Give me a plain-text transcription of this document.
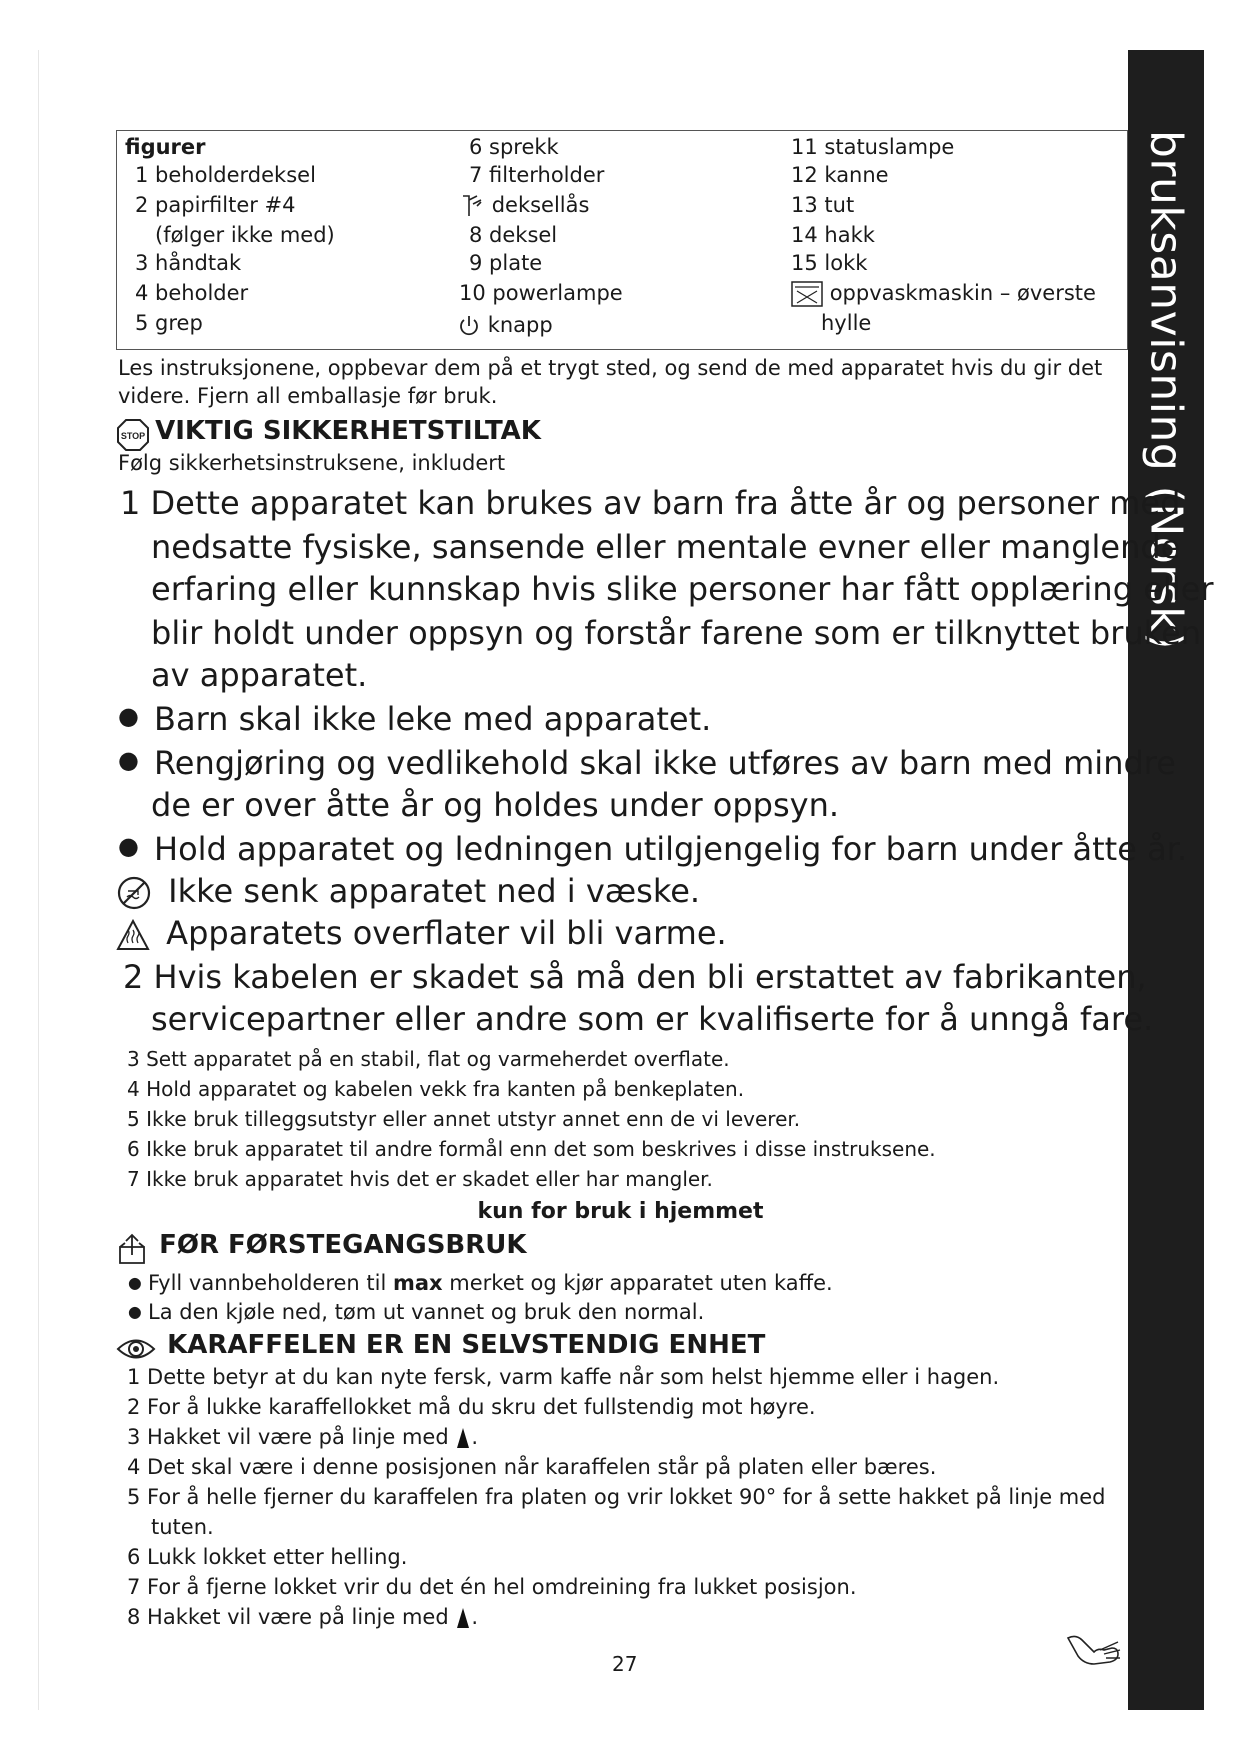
bruksanvisning (Norsk)
figurer
1 beholderdeksel
2 papirfilter #4
(følger ikke med)
3 håndtak
4 beholder
5 grep
6 sprekk
7 filterholder
deksellås
8 deksel
9 plate
10 powerlampe
knapp
11 statuslampe
12 kanne
13 tut
14 hakk
15 lokk
oppvaskmaskin – øverste
hylle
Les instruksjonene, oppbevar dem på et trygt sted, og send de med apparatet hvis du gir det
videre. Fjern all emballasje før bruk.
STOP VIKTIG SIKKERHETSTILTAK
Følg sikkerhetsinstruksene, inkludert
1 Dette apparatet kan brukes av barn fra åtte år og personer med
nedsatte fysiske, sansende eller mentale evner eller manglende
erfaring eller kunnskap hvis slike personer har fått opplæring eller
blir holdt under oppsyn og forstår farene som er tilknyttet bruken
av apparatet.
● Barn skal ikke leke med apparatet.
● Rengjøring og vedlikehold skal ikke utføres av barn med mindre
de er over åtte år og holdes under oppsyn.
● Hold apparatet og ledningen utilgjengelig for barn under åtte år.
Ikke senk apparatet ned i væske.
Apparatets overflater vil bli varme.
2 Hvis kabelen er skadet så må den bli erstattet av fabrikanten,
servicepartner eller andre som er kvalifiserte for å unngå fare.
3 Sett apparatet på en stabil, flat og varmeherdet overflate.
4 Hold apparatet og kabelen vekk fra kanten på benkeplaten.
5 Ikke bruk tilleggsutstyr eller annet utstyr annet enn de vi leverer.
6 Ikke bruk apparatet til andre formål enn det som beskrives i disse instruksene.
7 Ikke bruk apparatet hvis det er skadet eller har mangler.
kun for bruk i hjemmet
FØR FØRSTEGANGSBRUK
● Fyll vannbeholderen til max merket og kjør apparatet uten kaffe.
● La den kjøle ned, tøm ut vannet og bruk den normal.
KARAFFELEN ER EN SELVSTENDIG ENHET
1 Dette betyr at du kan nyte fersk, varm kaffe når som helst hjemme eller i hagen.
2 For å lukke karaffellokket må du skru det fullstendig mot høyre.
3 Hakket vil være på linje med .
4 Det skal være i denne posisjonen når karaffelen står på platen eller bæres.
5 For å helle fjerner du karaffelen fra platen og vrir lokket 90° for å sette hakket på linje med
tuten.
6 Lukk lokket etter helling.
7 For å fjerne lokket vrir du det én hel omdreining fra lukket posisjon.
8 Hakket vil være på linje med .
27
